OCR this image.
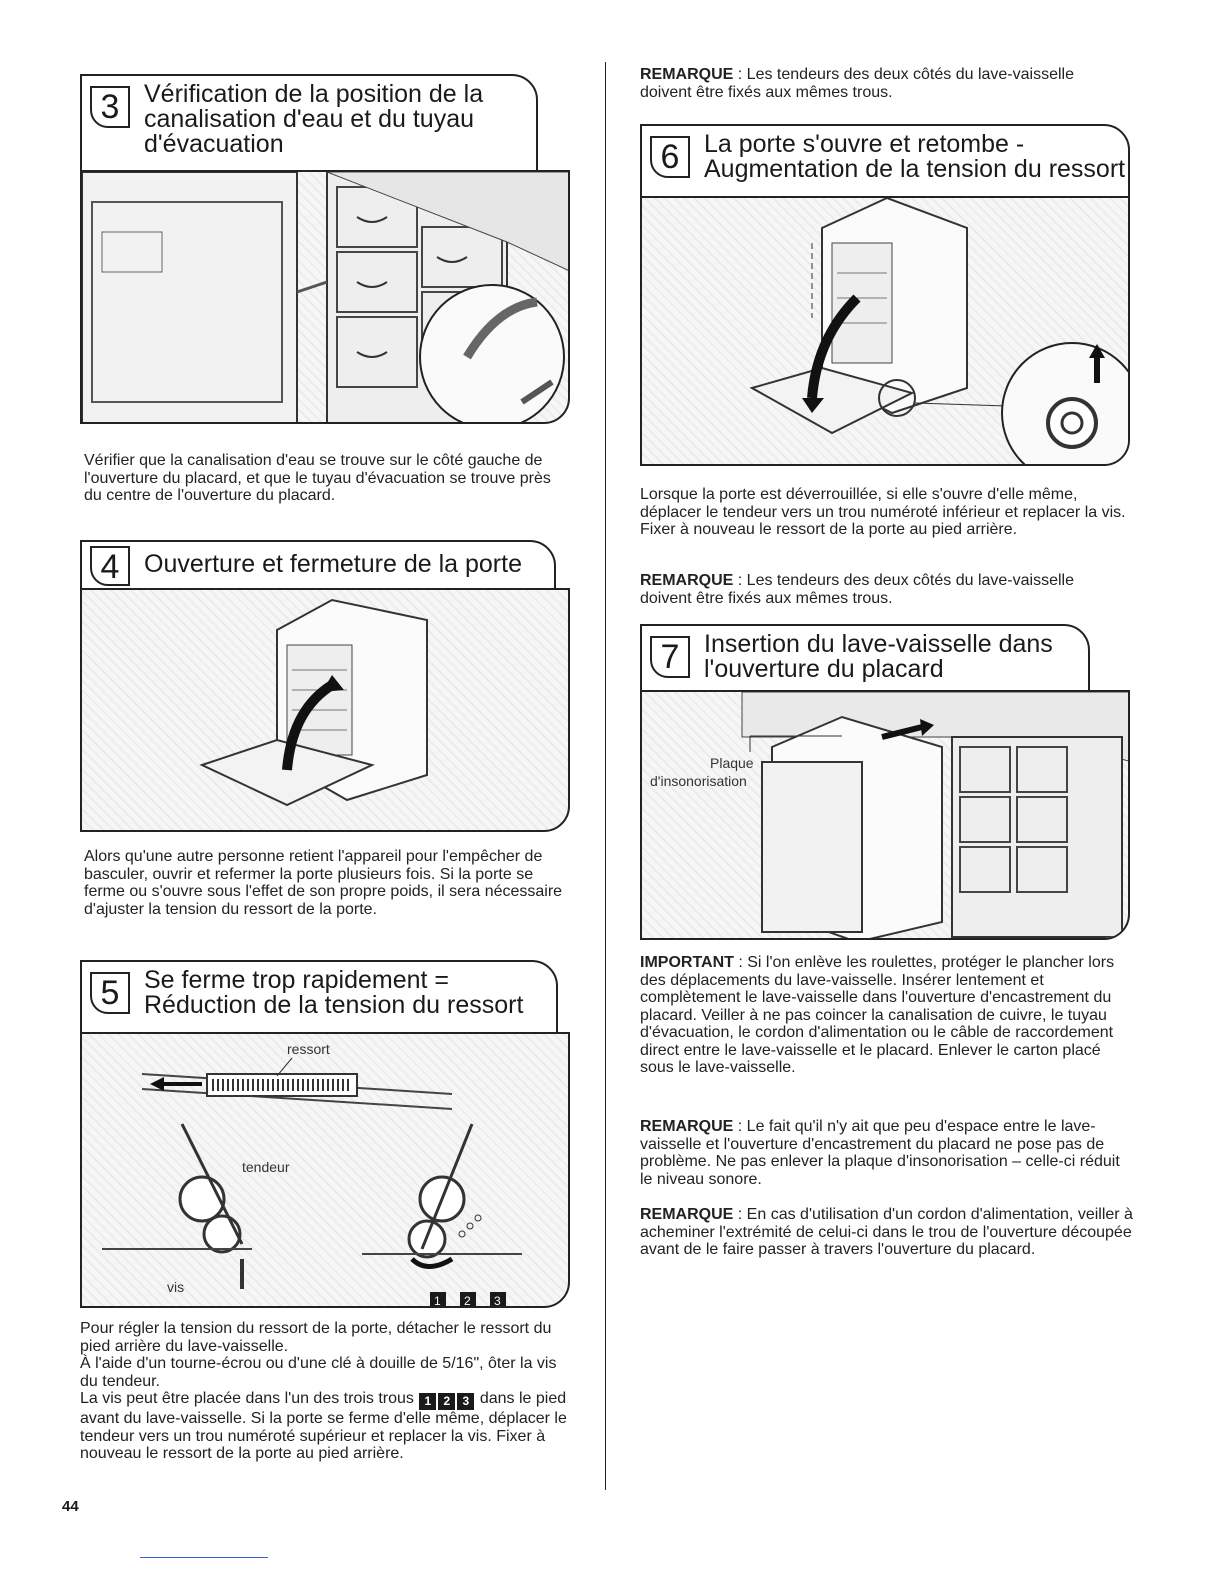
3 Vérification de la position de la
canalisation d'eau et du tuyau
d'évacuation
Vérifier que la canalisation d'eau se trouve sur le côté gauche de l'ouverture du placard, et que le tuyau d'évacuation se trouve près du centre de l'ouverture du placard.
4 Ouverture et fermeture de la porte
Alors qu'une autre personne retient l'appareil pour l'empêcher de basculer, ouvrir et refermer la porte plusieurs fois. Si la porte se ferme ou s'ouvre sous l'effet de son propre poids, il sera nécessaire d'ajuster la tension du ressort de la porte.
5 Se ferme trop rapidement =
Réduction de la tension du ressort
ressort
tendeur
vis
1 2 3
Pour régler la tension du ressort de la porte, détacher le ressort du pied arrière du lave-vaisselle.
À l'aide d'un tourne-écrou ou d'une clé à douille de 5/16", ôter la vis du tendeur.
La vis peut être placée dans l'un des trois trous 1 2 3 dans le pied avant du lave-vaisselle. Si la porte se ferme d'elle même, déplacer le tendeur vers un trou numéroté supérieur et replacer la vis. Fixer à nouveau le ressort de la porte au pied arrière.
44
REMARQUE : Les tendeurs des deux côtés du lave-vaisselle doivent être fixés aux mêmes trous.
6 La porte s'ouvre et retombe -
Augmentation de la tension du ressort
Lorsque la porte est déverrouillée, si elle s'ouvre d'elle même, déplacer le tendeur vers un trou numéroté inférieur et replacer la vis. Fixer à nouveau le ressort de la porte au pied arrière.
REMARQUE : Les tendeurs des deux côtés du lave-vaisselle doivent être fixés aux mêmes trous.
7 Insertion du lave-vaisselle dans
l'ouverture du placard
Plaque
d'insonorisation
IMPORTANT : Si l'on enlève les roulettes, protéger le plancher lors des déplacements du lave-vaisselle. Insérer lentement et complètement le lave-vaisselle dans l'ouverture d'encastrement du placard. Veiller à ne pas coincer la canalisation de cuivre, le tuyau d'évacuation, le cordon d'alimentation ou le câble de raccordement direct entre le lave-vaisselle et le placard. Enlever le carton placé sous le lave-vaisselle.
REMARQUE : Le fait qu'il n'y ait que peu d'espace entre le lave-vaisselle et l'ouverture d'encastrement du placard ne pose pas de problème. Ne pas enlever la plaque d'insonorisation – celle-ci réduit le niveau sonore.
REMARQUE : En cas d'utilisation d'un cordon d'alimentation, veiller à acheminer l'extrémité de celui-ci dans le trou de l'ouverture découpée avant de le faire passer à travers l'ouverture du placard.
